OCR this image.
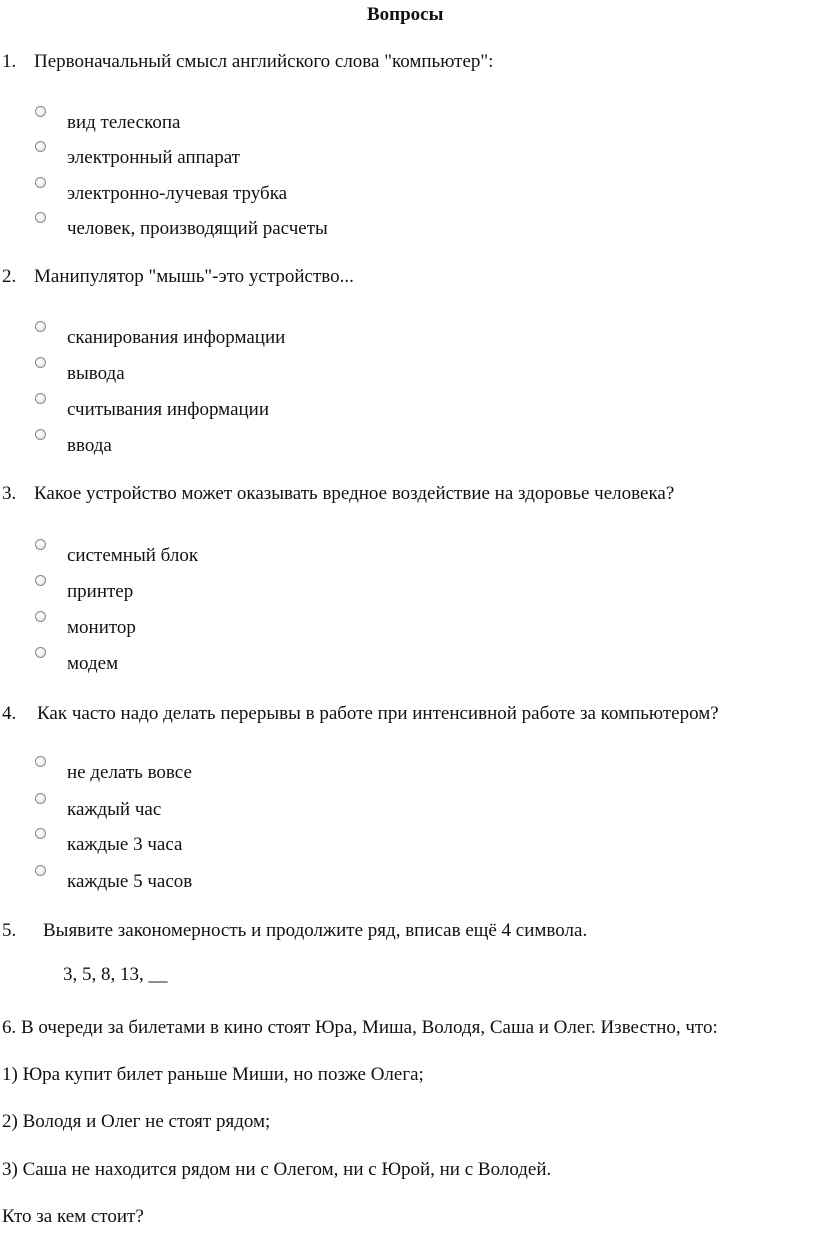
Вопросы
1. Первоначальный смысл английского слова "компьютер":
вид телескопа
электронный аппарат
электронно-лучевая трубка
человек, производящий расчеты
2. Манипулятор "мышь"-это устройство...
сканирования информации
вывода
считывания информации
ввода
3. Какое устройство может оказывать вредное воздействие на здоровье человека?
системный блок
принтер
монитор
модем
4. Как часто надо делать перерывы в работе при интенсивной работе за компьютером?
не делать вовсе
каждый час
каждые 3 часа
каждые 5 часов
5. Выявите закономерность и продолжите ряд, вписав ещё 4 символа.
3, 5, 8, 13, __
6. В очереди за билетами в кино стоят Юра, Миша, Володя, Саша и Олег. Известно, что:
1) Юра купит билет раньше Миши, но позже Олега;
2) Володя и Олег не стоят рядом;
3) Саша не находится рядом ни с Олегом, ни с Юрой, ни с Володей.
Кто за кем стоит?
